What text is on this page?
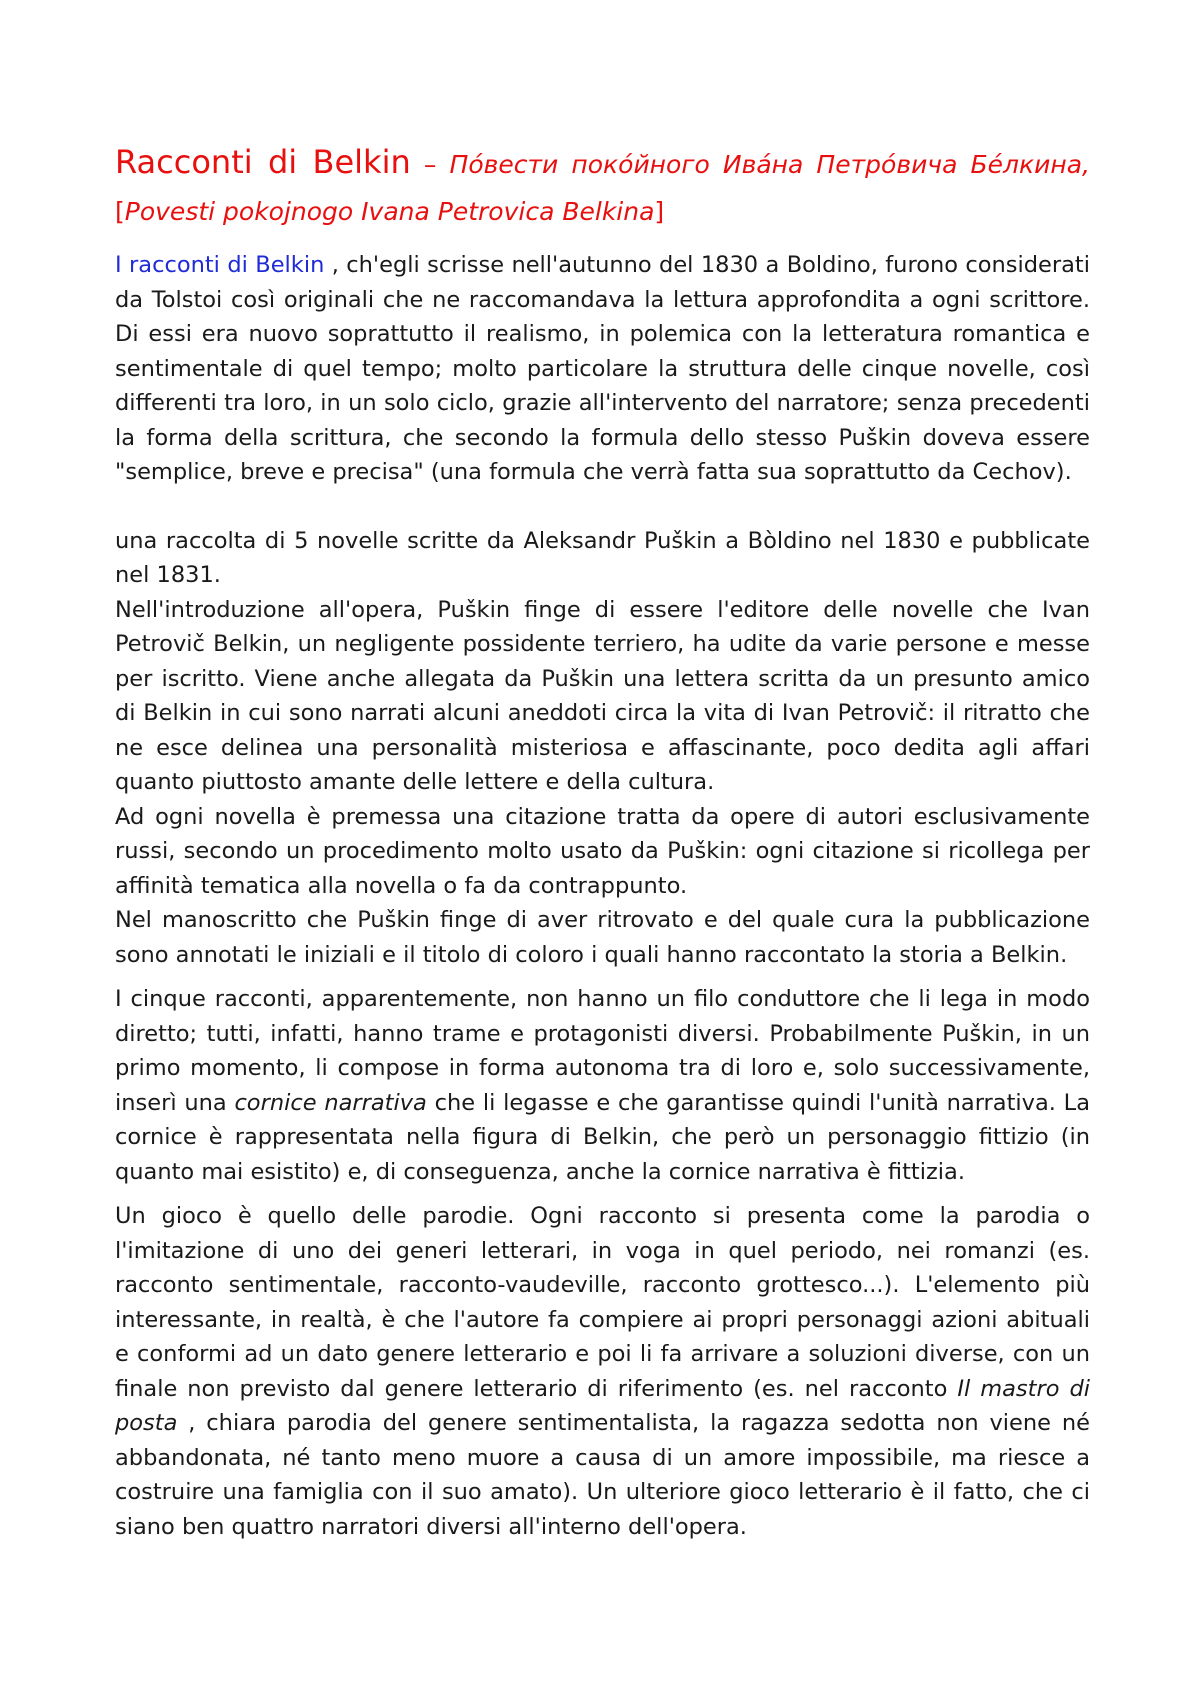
Racconti di Belkin – По́вести поко́йного Ива́на Петро́вича Бе́лкина, [Povesti pokojnogo Ivana Petrovica Belkina]

I racconti di Belkin , ch'egli scrisse nell'autunno del 1830 a Boldino, furono considerati da Tolstoi così originali che ne raccomandava la lettura approfondita a ogni scrittore. Di essi era nuovo soprattutto il realismo, in polemica con la letteratura romantica e sentimentale di quel tempo; molto particolare la struttura delle cinque novelle, così differenti tra loro, in un solo ciclo, grazie all'intervento del narratore; senza precedenti la forma della scrittura, che secondo la formula dello stesso Puškin doveva essere "semplice, breve e precisa" (una formula che verrà fatta sua soprattutto da Cechov).

una raccolta di 5 novelle scritte da Aleksandr Puškin a Bòldino nel 1830 e pubblicate nel 1831.

Nell'introduzione all'opera, Puškin finge di essere l'editore delle novelle che Ivan Petrovič Belkin, un negligente possidente terriero, ha udite da varie persone e messe per iscritto. Viene anche allegata da Puškin una lettera scritta da un presunto amico di Belkin in cui sono narrati alcuni aneddoti circa la vita di Ivan Petrovič: il ritratto che ne esce delinea una personalità misteriosa e affascinante, poco dedita agli affari quanto piuttosto amante delle lettere e della cultura.

Ad ogni novella è premessa una citazione tratta da opere di autori esclusivamente russi, secondo un procedimento molto usato da Puškin: ogni citazione si ricollega per affinità tematica alla novella o fa da contrappunto.

Nel manoscritto che Puškin finge di aver ritrovato e del quale cura la pubblicazione sono annotati le iniziali e il titolo di coloro i quali hanno raccontato la storia a Belkin.

I cinque racconti, apparentemente, non hanno un filo conduttore che li lega in modo diretto; tutti, infatti, hanno trame e protagonisti diversi. Probabilmente Puškin, in un primo momento, li compose in forma autonoma tra di loro e, solo successivamente, inserì una cornice narrativa che li legasse e che garantisse quindi l'unità narrativa. La cornice è rappresentata nella figura di Belkin, che però un personaggio fittizio (in quanto mai esistito) e, di conseguenza, anche la cornice narrativa è fittizia.

Un gioco è quello delle parodie. Ogni racconto si presenta come la parodia o l'imitazione di uno dei generi letterari, in voga in quel periodo, nei romanzi (es. racconto sentimentale, racconto-vaudeville, racconto grottesco...). L'elemento più interessante, in realtà, è che l'autore fa compiere ai propri personaggi azioni abituali e conformi ad un dato genere letterario e poi li fa arrivare a soluzioni diverse, con un finale non previsto dal genere letterario di riferimento (es. nel racconto Il mastro di posta , chiara parodia del genere sentimentalista, la ragazza sedotta non viene né abbandonata, né tanto meno muore a causa di un amore impossibile, ma riesce a costruire una famiglia con il suo amato). Un ulteriore gioco letterario è il fatto, che ci siano ben quattro narratori diversi all'interno dell'opera.
